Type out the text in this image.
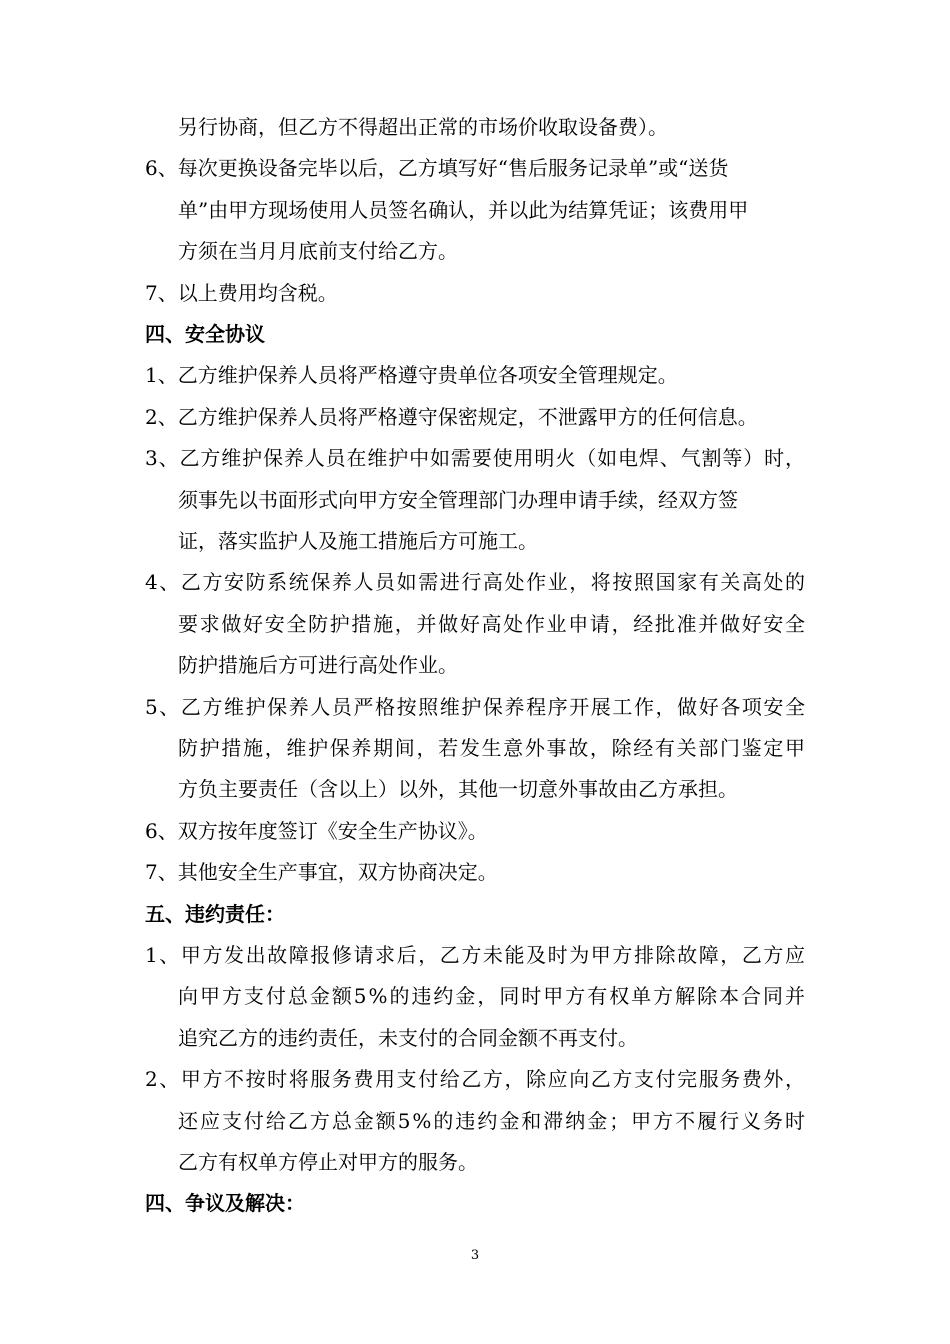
另行协商，但乙方不得超出正常的市场价收取设备费）。
6、每次更换设备完毕以后，乙方填写好“售后服务记录单”或“送货
单”由甲方现场使用人员签名确认，并以此为结算凭证；该费用甲
方须在当月月底前支付给乙方。
7、以上费用均含税。
四、安全协议
1、乙方维护保养人员将严格遵守贵单位各项安全管理规定。
2、乙方维护保养人员将严格遵守保密规定，不泄露甲方的任何信息。
3、乙方维护保养人员在维护中如需要使用明火（如电焊、气割等）时，
须事先以书面形式向甲方安全管理部门办理申请手续，经双方签
证，落实监护人及施工措施后方可施工。
4、乙方安防系统保养人员如需进行高处作业，将按照国家有关高处的
要求做好安全防护措施，并做好高处作业申请，经批准并做好安全
防护措施后方可进行高处作业。
5、乙方维护保养人员严格按照维护保养程序开展工作，做好各项安全
防护措施，维护保养期间，若发生意外事故，除经有关部门鉴定甲
方负主要责任（含以上）以外，其他一切意外事故由乙方承担。
6、双方按年度签订《安全生产协议》。
7、其他安全生产事宜，双方协商决定。
五、违约责任：
1、甲方发出故障报修请求后，乙方未能及时为甲方排除故障，乙方应
向甲方支付总金额5%的违约金，同时甲方有权单方解除本合同并
追究乙方的违约责任，未支付的合同金额不再支付。
2、甲方不按时将服务费用支付给乙方，除应向乙方支付完服务费外，
还应支付给乙方总金额5%的违约金和滞纳金；甲方不履行义务时
乙方有权单方停止对甲方的服务。
四、争议及解决：
3
